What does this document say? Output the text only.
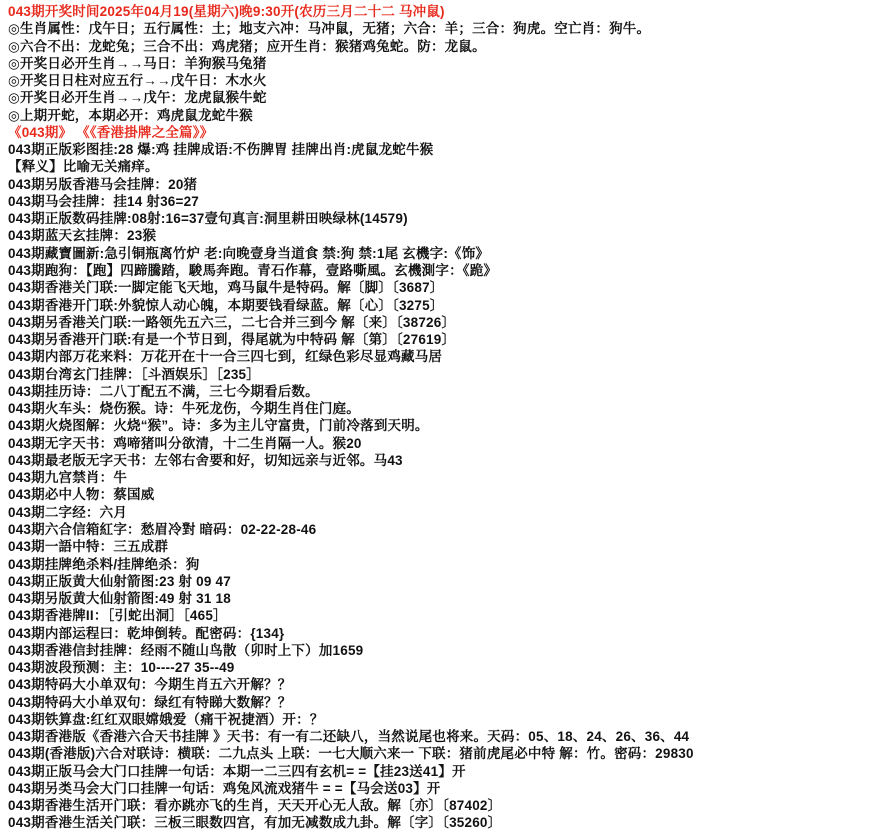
043期开奖时间2025年04月19(星期六)晚9:30开(农历三月二十二 马冲鼠)
◎生肖属性：戊午日；五行属性：土；地支六冲：马冲鼠，无猪；六合：羊；三合：狗虎。空亡肖：狗牛。
◎六合不出：龙蛇兔；三合不出：鸡虎猪；应开生肖：猴猪鸡兔蛇。防：龙鼠。
◎开奖日必开生肖→→马日：羊狗猴马兔猪
◎开奖日日柱对应五行→→戊午日：木水火
◎开奖日必开生肖→→戊午：龙虎鼠猴牛蛇
◎上期开蛇，本期必开：鸡虎鼠龙蛇牛猴
《043期》 《《香港掛牌之全篇》》
043期正版彩图挂:28 爆:鸡 挂牌成语:不伤脾胃 挂牌出肖:虎鼠龙蛇牛猴
【释义】比喻无关痛痒。
043期另版香港马会挂牌：20猪
043期马会挂牌：挂14 射36=27
043期正版数码挂牌:08射:16=37壹句真言:洞里耕田映绿林(14579)
043期蓝天玄挂牌：23猴
043期藏寶圖新:急引铜瓶离竹炉 老:向晚壹身当道食 禁:狗 禁:1尾 玄機字:《饰》
043期跑狗：【跑】四蹄騰踏，駿馬奔跑。青石作幕，壹路嘶風。玄機測字：《跪》
043期香港关门联:一脚定能飞天地，鸡马鼠牛是特码。解〔脚〕〔3687〕
043期香港开门联:外貌惊人动心魄，本期要钱看绿蓝。解〔心〕〔3275〕
043期另香港关门联:一路领先五六三，二七合并三到今 解〔来〕〔38726〕
043期另香港开门联:有是一个节日到，得尾就为中特码 解〔第〕〔27619〕
043期内部万花来料：万花开在十一合三四七到，红绿色彩尽显鸡藏马居
043期台湾玄门挂牌：［斗酒娱乐］［235］
043期挂历诗：二八丁配五不满，三七今期看后数。
043期火车头：烧伤猴。诗：牛死龙伤，今期生肖住门庭。
043期火烧图解：火烧“猴”。诗：多为主儿守富贵，门前冷落到天明。
043期无字天书：鸡啼猪叫分欲清，十二生肖隔一人。猴20
043期最老版无字天书：左邻右舍要和好，切知远亲与近邻。马43
043期九宫禁肖：牛
043期必中人物：蔡国威
043期二字经：六月
043期六合信箱紅字：愁眉冷對 暗码：02-22-28-46
043期一語中特：三五成群
043期挂牌绝杀料/挂牌绝杀：狗
043期正版黄大仙射箭图:23 射 09 47
043期另版黄大仙射箭图:49 射 31 18
043期香港牌II：［引蛇出洞］［465］
043期内部运程曰：乾坤倒转。配密码：{134}
043期香港信封挂牌：经雨不随山鸟散（卯时上下）加1659
043期波段预测：主：10----27 35--49
043期特码大小单双句：今期生肖五六开解？？
043期特码大小单双句：绿红有特睇大数解？？
043期铁算盘:红红双眼嫦娥爱（痛干祝捷酒）开：？
043期香港版《香港六合天书挂牌 》天书：有一有二还缺八，当然说尾也将来。天码：05、18、24、26、36、44
043期(香港版)六合对联诗：横联：二九点头 上联：一七大顺六来一 下联：猪前虎尾必中特 解：竹。密码：29830
043期正版马会大门口挂牌一句话：本期一二三四有玄机= =【挂23送41】开
043期另类马会大门口挂牌一句话：鸡兔风流戏猪牛 = =【马会送03】开
043期香港生活开门联：看亦跳亦飞的生肖，天天开心无人敌。解〔亦〕〔87402〕
043期香港生活关门联：三板三眼数四宫，有加无减数成九卦。解〔字〕〔35260〕
